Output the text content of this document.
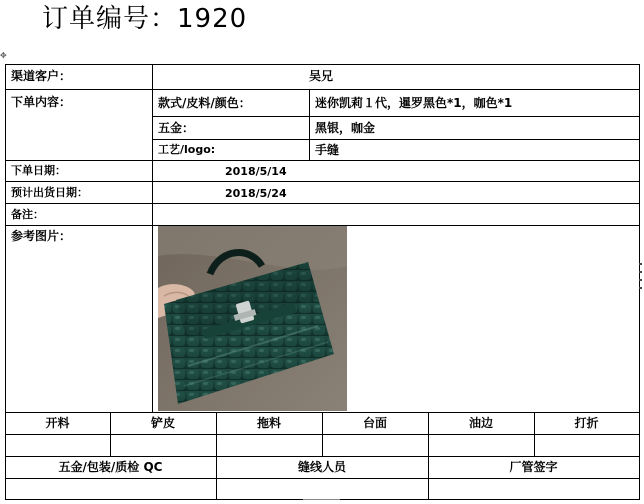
订单编号：1920
✥
渠道客户：	吴兄
下单内容：	款式/皮料/颜色：	迷你凯莉１代，暹罗黑色*1，咖色*1
五金：	黑银，咖金
工艺/logo:	手缝
下单日期：	2018/5/14
预计出货日期：	2018/5/24
备注：
参考图片：
开料	铲皮	拖料	台面	油边	打折
五金/包装/质检 QC	缝线人员	厂管签字
